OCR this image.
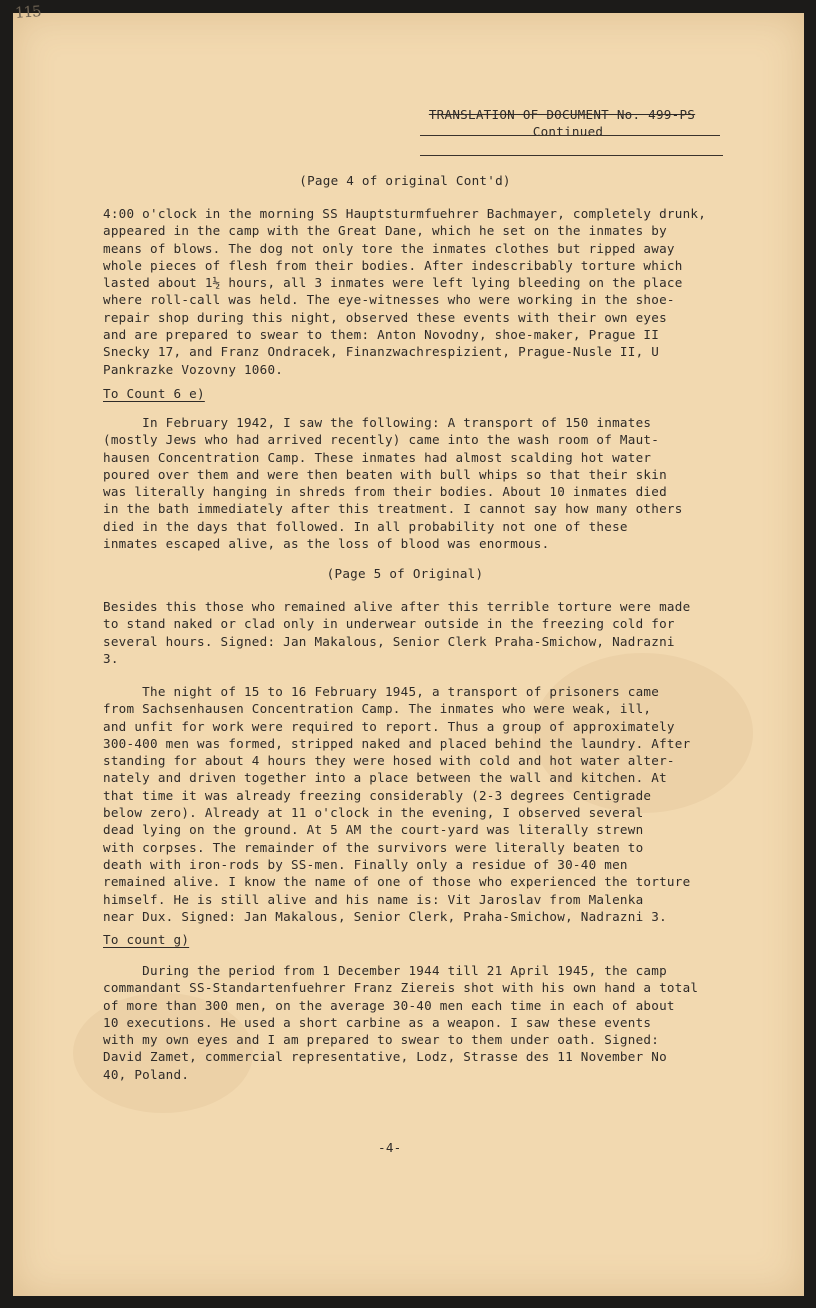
115
TRANSLATION OF DOCUMENT No. 499-PS
Continued
(Page 4 of original Cont'd)
4:00 o'clock in the morning SS Hauptsturmfuehrer Bachmayer, completely drunk,
appeared in the camp with the Great Dane, which he set on the inmates by
means of blows. The dog not only tore the inmates clothes but ripped away
whole pieces of flesh from their bodies. After indescribably torture which
lasted about 1½ hours, all 3 inmates were left lying bleeding on the place
where roll-call was held. The eye-witnesses who were working in the shoe-
repair shop during this night, observed these events with their own eyes
and are prepared to swear to them: Anton Novodny, shoe-maker, Prague II
Snecky 17, and Franz Ondracek, Finanzwachrespizient, Prague-Nusle II, U
Pankrazke Vozovny 1060.
To Count 6 e)
In February 1942, I saw the following: A transport of 150 inmates
(mostly Jews who had arrived recently) came into the wash room of Maut-
hausen Concentration Camp. These inmates had almost scalding hot water
poured over them and were then beaten with bull whips so that their skin
was literally hanging in shreds from their bodies. About 10 inmates died
in the bath immediately after this treatment. I cannot say how many others
died in the days that followed. In all probability not one of these
inmates escaped alive, as the loss of blood was enormous.
(Page 5 of Original)
Besides this those who remained alive after this terrible torture were made
to stand naked or clad only in underwear outside in the freezing cold for
several hours. Signed: Jan Makalous, Senior Clerk Praha-Smichow, Nadrazni
3.
The night of 15 to 16 February 1945, a transport of prisoners came
from Sachsenhausen Concentration Camp. The inmates who were weak, ill,
and unfit for work were required to report. Thus a group of approximately
300-400 men was formed, stripped naked and placed behind the laundry. After
standing for about 4 hours they were hosed with cold and hot water alter-
nately and driven together into a place between the wall and kitchen. At
that time it was already freezing considerably (2-3 degrees Centigrade
below zero). Already at 11 o'clock in the evening, I observed several
dead lying on the ground. At 5 AM the court-yard was literally strewn
with corpses. The remainder of the survivors were literally beaten to
death with iron-rods by SS-men. Finally only a residue of 30-40 men
remained alive. I know the name of one of those who experienced the torture
himself. He is still alive and his name is: Vit Jaroslav from Malenka
near Dux. Signed: Jan Makalous, Senior Clerk, Praha-Smichow, Nadrazni 3.
To count g)
During the period from 1 December 1944 till 21 April 1945, the camp
commandant SS-Standartenfuehrer Franz Ziereis shot with his own hand a total
of more than 300 men, on the average 30-40 men each time in each of about
10 executions. He used a short carbine as a weapon. I saw these events
with my own eyes and I am prepared to swear to them under oath. Signed:
David Zamet, commercial representative, Lodz, Strasse des 11 November No
40, Poland.
-4-
